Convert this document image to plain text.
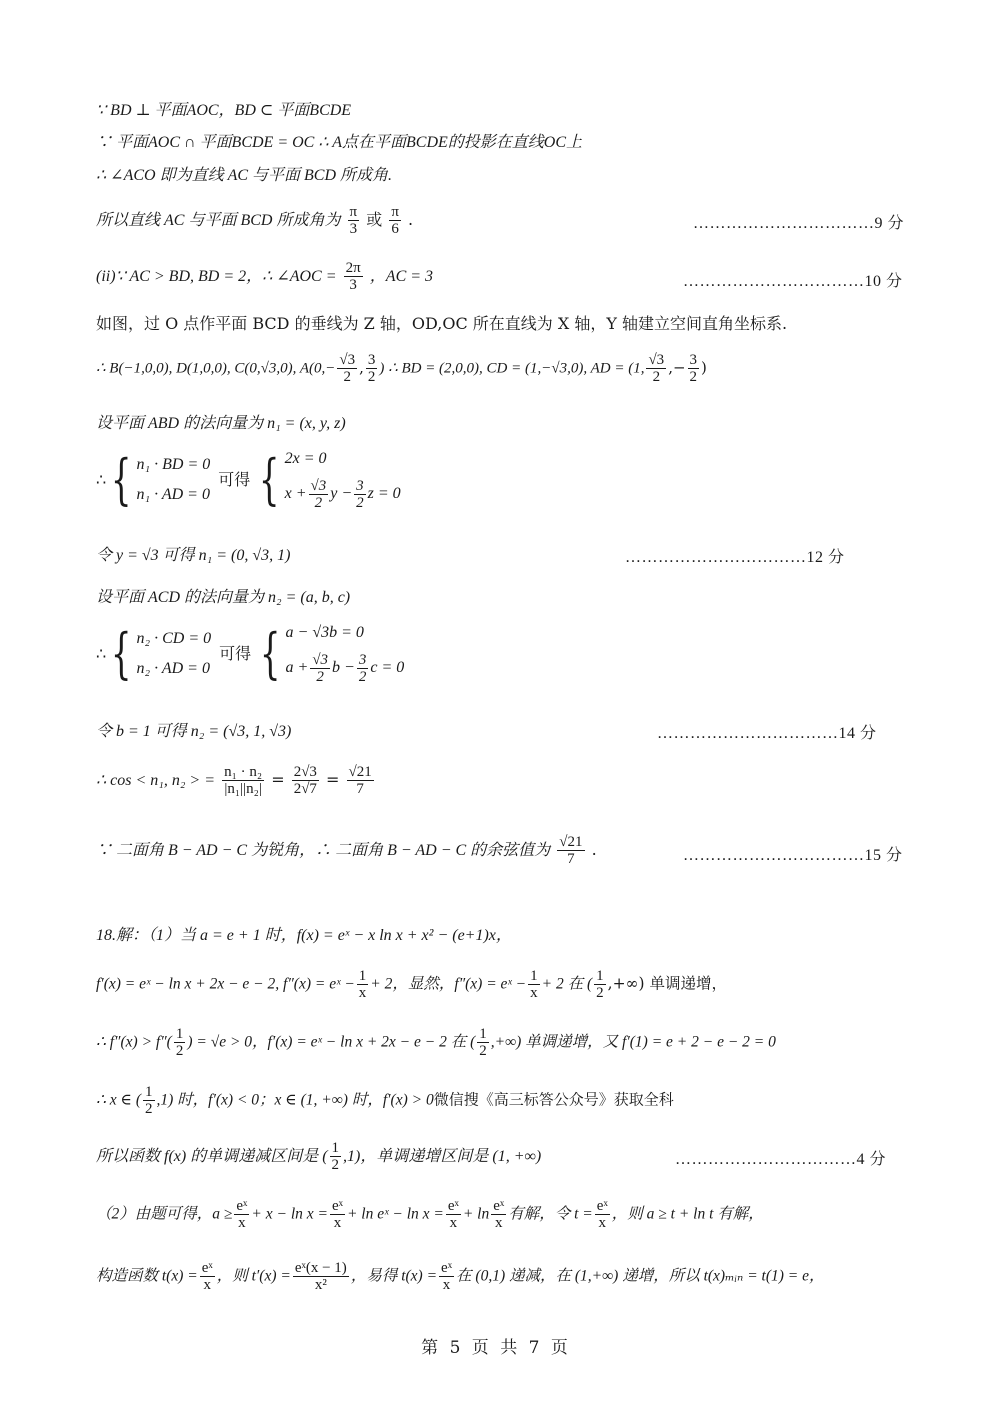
∵ BD ⊥ 平面AOC，BD ⊂ 平面BCDE
∵ 平面AOC ∩ 平面BCDE = OC ∴ A点在平面BCDE的投影在直线OC上
∴ ∠ACO 即为直线 AC 与平面 BCD 所成角.
所以直线 AC 与平面 BCD 所成角为 $\frac{\pi}{3}$ 或 $\frac{\pi}{6}$ .	……………………………9 分
(ii)∵ AC > BD, BD = 2，∴ ∠AOC = $\frac{2\pi}{3}$ ，AC = 3	……………………………10 分
如图，过 O 点作平面 BCD 的垂线为 Z 轴，OD,OC 所在直线为 X 轴，Y 轴建立空间直角坐标系.
∴ B(−1,0,0), D(1,0,0), C(0,√3,0), $A(0,- \frac{√3}{2}$ , $\frac{3}{2}$ ) ∴ BD = (2,0,0), CD = (1,−√3,0), AD = (1, $\frac{√3}{2}$ ,− $\frac{3}{2}$ )
设平面 ABD 的法向量为 n₁ = (x, y, z)
∴ { n₁ · BD = 0
n₁ · AD = 0
可得 { 2x = 0
$x + \frac{√3}{2}$ $y - \frac{3}{2}$ z = 0
令 y = √3 可得 n₁ = (0, √3, 1)	……………………………12 分
设平面 ACD 的法向量为 n₂ = (a, b, c)
∴ { n₂ · CD = 0
n₂ · AD = 0
可得 { a − √3b = 0
$a + \frac{√3}{2}$ $b - \frac{3}{2}$ c = 0
令 b = 1 可得 n₂ = (√3, 1, √3)	……………………………14 分
∴ cos < n₁, n₂ > = $\frac{\text{n₁ · n₂}}{\text{|n₁||n₂|}} = \frac{2√3}{2√7} = \frac{√21}{7}$
∵ 二面角 B − AD − C 为锐角，∴ 二面角 B − AD − C 的余弦值为 $\frac{√21}{7}$ .	……………………………15 分
18.解：（1）当 a = e + 1 时，f(x) = eˣ − x ln x + x² − (e+1)x，
f′(x) = eˣ − ln x + 2x − e − 2, f″(x) = eˣ − $\frac{1}{x} + 2$，显然，f″(x) = eˣ − $\frac{1}{x} + 2$ 在 ( $\frac{1}{2}$ ,+∞) 单调递增，
∴ $f''(x) > f''( \frac{1}{2}$ ) = √e > 0，f′(x) = eˣ − ln x + 2x − e − 2 在 ( $\frac{1}{2}$ ,+∞) 单调递增，又 f′(1) = e + 2 − e − 2 = 0
∴ x ∈ ( $\frac{1}{2} ,1$) 时，f′(x) < 0；x ∈ (1, +∞) 时，f′(x) > 0微信搜《高三标答公众号》获取全科
所以函数 f(x) 的单调递减区间是 ( $\frac{1}{2} ,1$)，单调递增区间是 (1, +∞)	……………………………4 分
（2）由题可得，$a \ge \frac{\text{eˣ}}{x} + x - \ln x = \frac{\text{eˣ}}{x} + \ln$ eˣ − $\ln x = \frac{\text{eˣ}}{x} + \ln \frac{\text{eˣ}}{x}$ 有解，令 $t = \frac{\text{eˣ}}{x}$ ，则 a ≥ t + ln t 有解，
构造函数 $t(x) = \frac{\text{eˣ}}{x}$ ，则 $t'(x) = \frac{\text{eˣ(x − 1)}}{\text{x²}}$ ，易得 $t(x) = \frac{\text{eˣ}}{x}$ 在 (0,1) 递减，在 (1,+∞) 递增，所以 t(x)ₘᵢₙ = t(1) = e，
第 5 页 共 7 页
